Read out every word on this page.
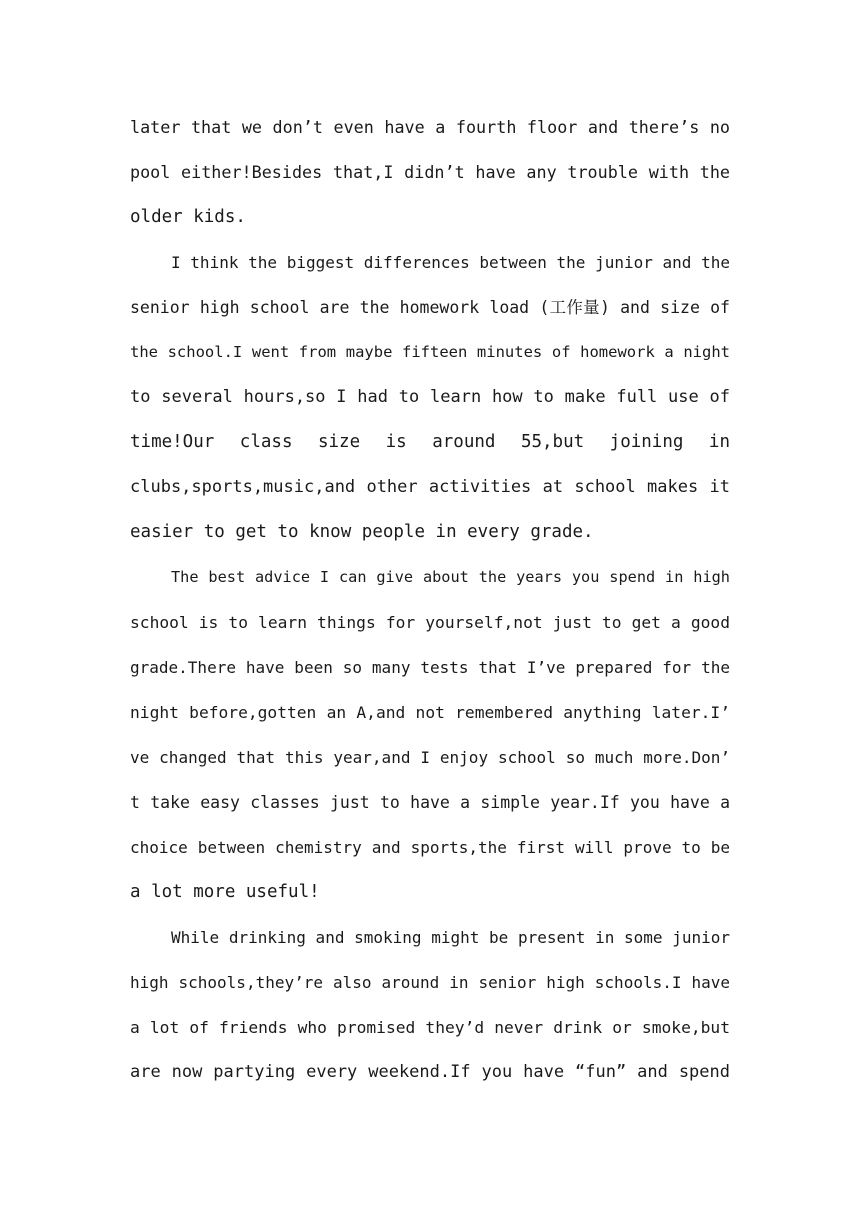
later that we don’t even have a fourth floor and there’s no
pool either!Besides that,I didn’t have any trouble with the
older kids.
I think the biggest differences between the junior and the
senior high school are the homework load (工作量) and size of
the school.I went from maybe fifteen minutes of homework a night
to several hours,so I had to learn how to make full use of
time!Our class size is around 55,but joining in
clubs,sports,music,and other activities at school makes it
easier to get to know people in every grade.
The best advice I can give about the years you spend in high
school is to learn things for yourself,not just to get a good
grade.There have been so many tests that I’ve prepared for the
night before,gotten an A,and not remembered anything later.I’
ve changed that this year,and I enjoy school so much more.Don’
t take easy classes just to have a simple year.If you have a
choice between chemistry and sports,the first will prove to be
a lot more useful!
While drinking and smoking might be present in some junior
high schools,they’re also around in senior high schools.I have
a lot of friends who promised they’d never drink or smoke,but
are now partying every weekend.If you have “fun” and spend
